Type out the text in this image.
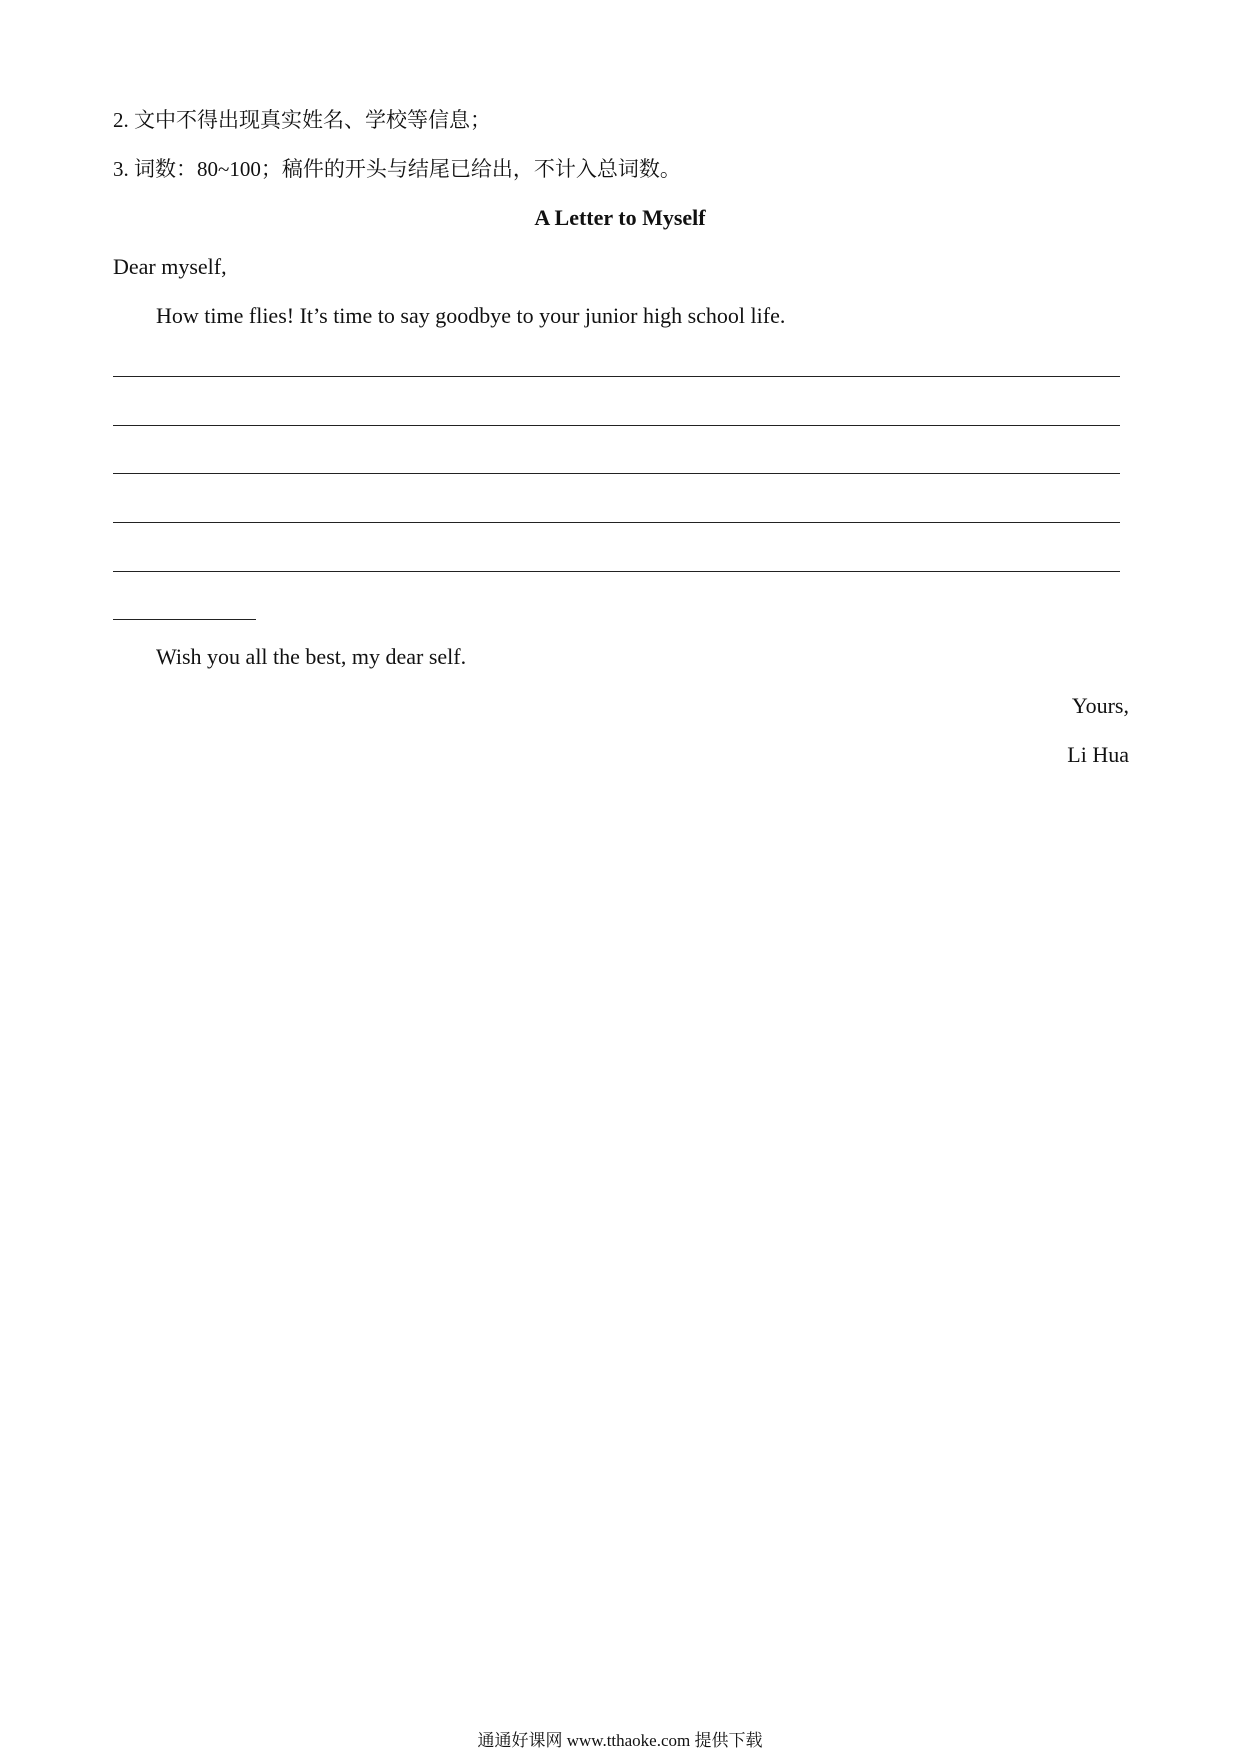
2. 文中不得出现真实姓名、学校等信息；
3. 词数：80~100；稿件的开头与结尾已给出，不计入总词数。
A Letter to Myself
Dear myself,
How time flies! It’s time to say goodbye to your junior high school life.
Wish you all the best, my dear self.
Yours,
Li Hua
通通好课网 www.tthaoke.com 提供下载
